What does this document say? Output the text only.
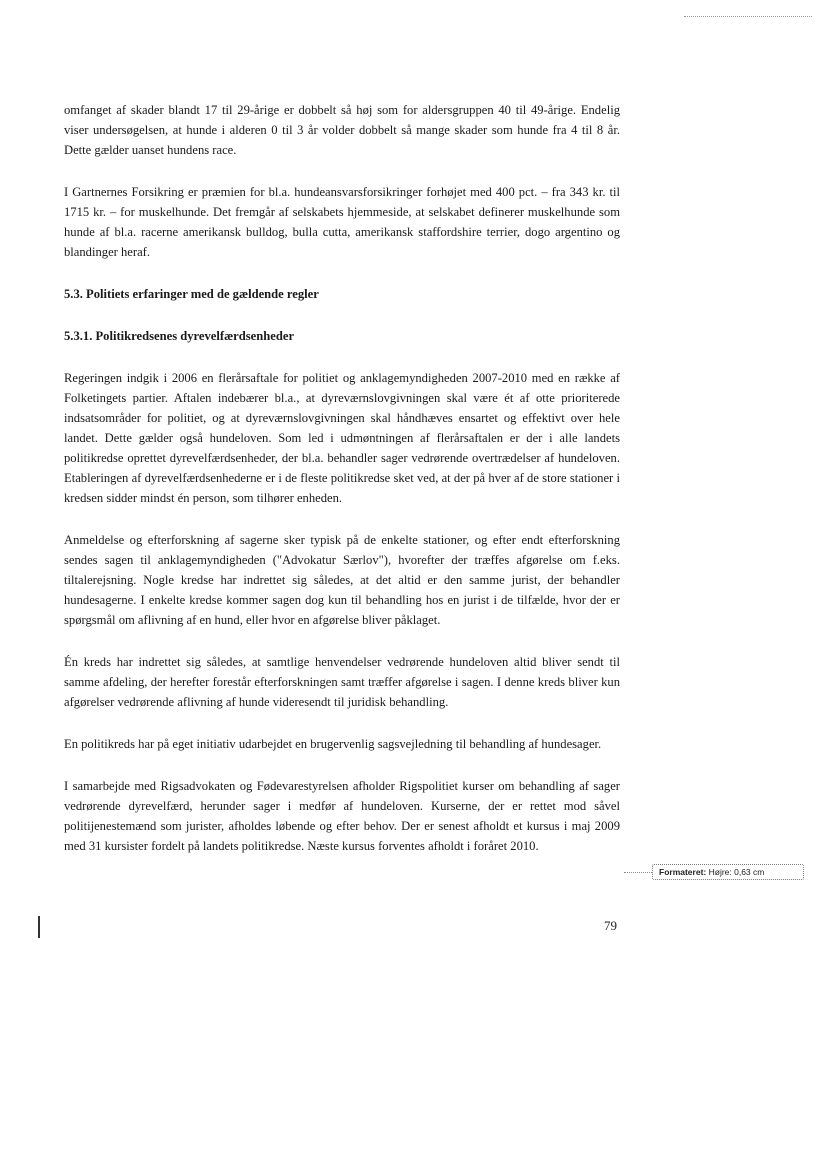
omfanget af skader blandt 17 til 29-årige er dobbelt så høj som for aldersgruppen 40 til 49-årige. Endelig viser undersøgelsen, at hunde i alderen 0 til 3 år volder dobbelt så mange skader som hunde fra 4 til 8 år. Dette gælder uanset hundens race.

I Gartnernes Forsikring er præmien for bl.a. hundeansvarsforsikringer forhøjet med 400 pct. – fra 343 kr. til 1715 kr. – for muskelhunde. Det fremgår af selskabets hjemmeside, at selskabet definerer muskelhunde som hunde af bl.a. racerne amerikansk bulldog, bulla cutta, amerikansk staffordshire terrier, dogo argentino og blandinger heraf.

5.3. Politiets erfaringer med de gældende regler
5.3.1. Politikredsenes dyrevelfærdsenheder

Regeringen indgik i 2006 en flerårsaftale for politiet og anklagemyndigheden 2007-2010 med en række af Folketingets partier. Aftalen indebærer bl.a., at dyreværnslovgivningen skal være ét af otte prioriterede indsatsområder for politiet, og at dyreværnslovgivningen skal håndhæves ensartet og effektivt over hele landet. Dette gælder også hundeloven. Som led i udmøntningen af flerårsaftalen er der i alle landets politikredse oprettet dyrevelfærdsenheder, der bl.a. behandler sager vedrørende overtrædelser af hundeloven. Etableringen af dyrevelfærdsenhederne er i de fleste politikredse sket ved, at der på hver af de store stationer i kredsen sidder mindst én person, som tilhører enheden.

Anmeldelse og efterforskning af sagerne sker typisk på de enkelte stationer, og efter endt efterforskning sendes sagen til anklagemyndigheden ("Advokatur Særlov"), hvorefter der træffes afgørelse om f.eks. tiltalerejsning. Nogle kredse har indrettet sig således, at det altid er den samme jurist, der behandler hundesagerne. I enkelte kredse kommer sagen dog kun til behandling hos en jurist i de tilfælde, hvor der er spørgsmål om aflivning af en hund, eller hvor en afgørelse bliver påklaget.

Én kreds har indrettet sig således, at samtlige henvendelser vedrørende hundeloven altid bliver sendt til samme afdeling, der herefter forestår efterforskningen samt træffer afgørelse i sagen. I denne kreds bliver kun afgørelser vedrørende aflivning af hunde videresendt til juridisk behandling.

En politikreds har på eget initiativ udarbejdet en brugervenlig sagsvejledning til behandling af hundesager.

I samarbejde med Rigsadvokaten og Fødevarestyrelsen afholder Rigspolitiet kurser om behandling af sager vedrørende dyrevelfærd, herunder sager i medfør af hundeloven. Kurserne, der er rettet mod såvel politijenestemænd som jurister, afholdes løbende og efter behov. Der er senest afholdt et kursus i maj 2009 med 31 kursister fordelt på landets politikredse. Næste kursus forventes afholdt i foråret 2010.

Formateret: Højre: 0,63 cm
79
